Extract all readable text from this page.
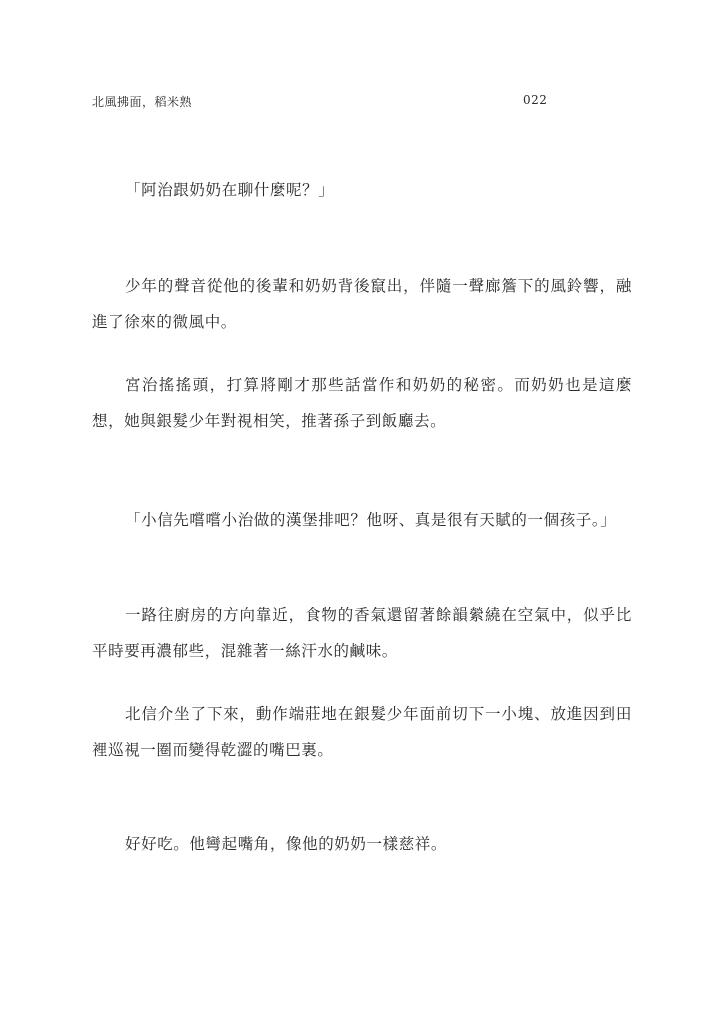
北風拂面，稻米熟	022

「阿治跟奶奶在聊什麼呢？」

少年的聲音從他的後輩和奶奶背後竄出，伴隨一聲廊簷下的風鈴響，融進了徐來的微風中。

宮治搖搖頭，打算將剛才那些話當作和奶奶的秘密。而奶奶也是這麼想，她與銀髮少年對視相笑，推著孫子到飯廳去。

「小信先嚐嚐小治做的漢堡排吧？他呀、真是很有天賦的一個孩子。」

一路往廚房的方向靠近，食物的香氣還留著餘韻縈繞在空氣中，似乎比平時要再濃郁些，混雜著一絲汗水的鹹味。

北信介坐了下來，動作端莊地在銀髮少年面前切下一小塊、放進因到田裡巡視一圈而變得乾澀的嘴巴裏。

好好吃。他彎起嘴角，像他的奶奶一樣慈祥。
